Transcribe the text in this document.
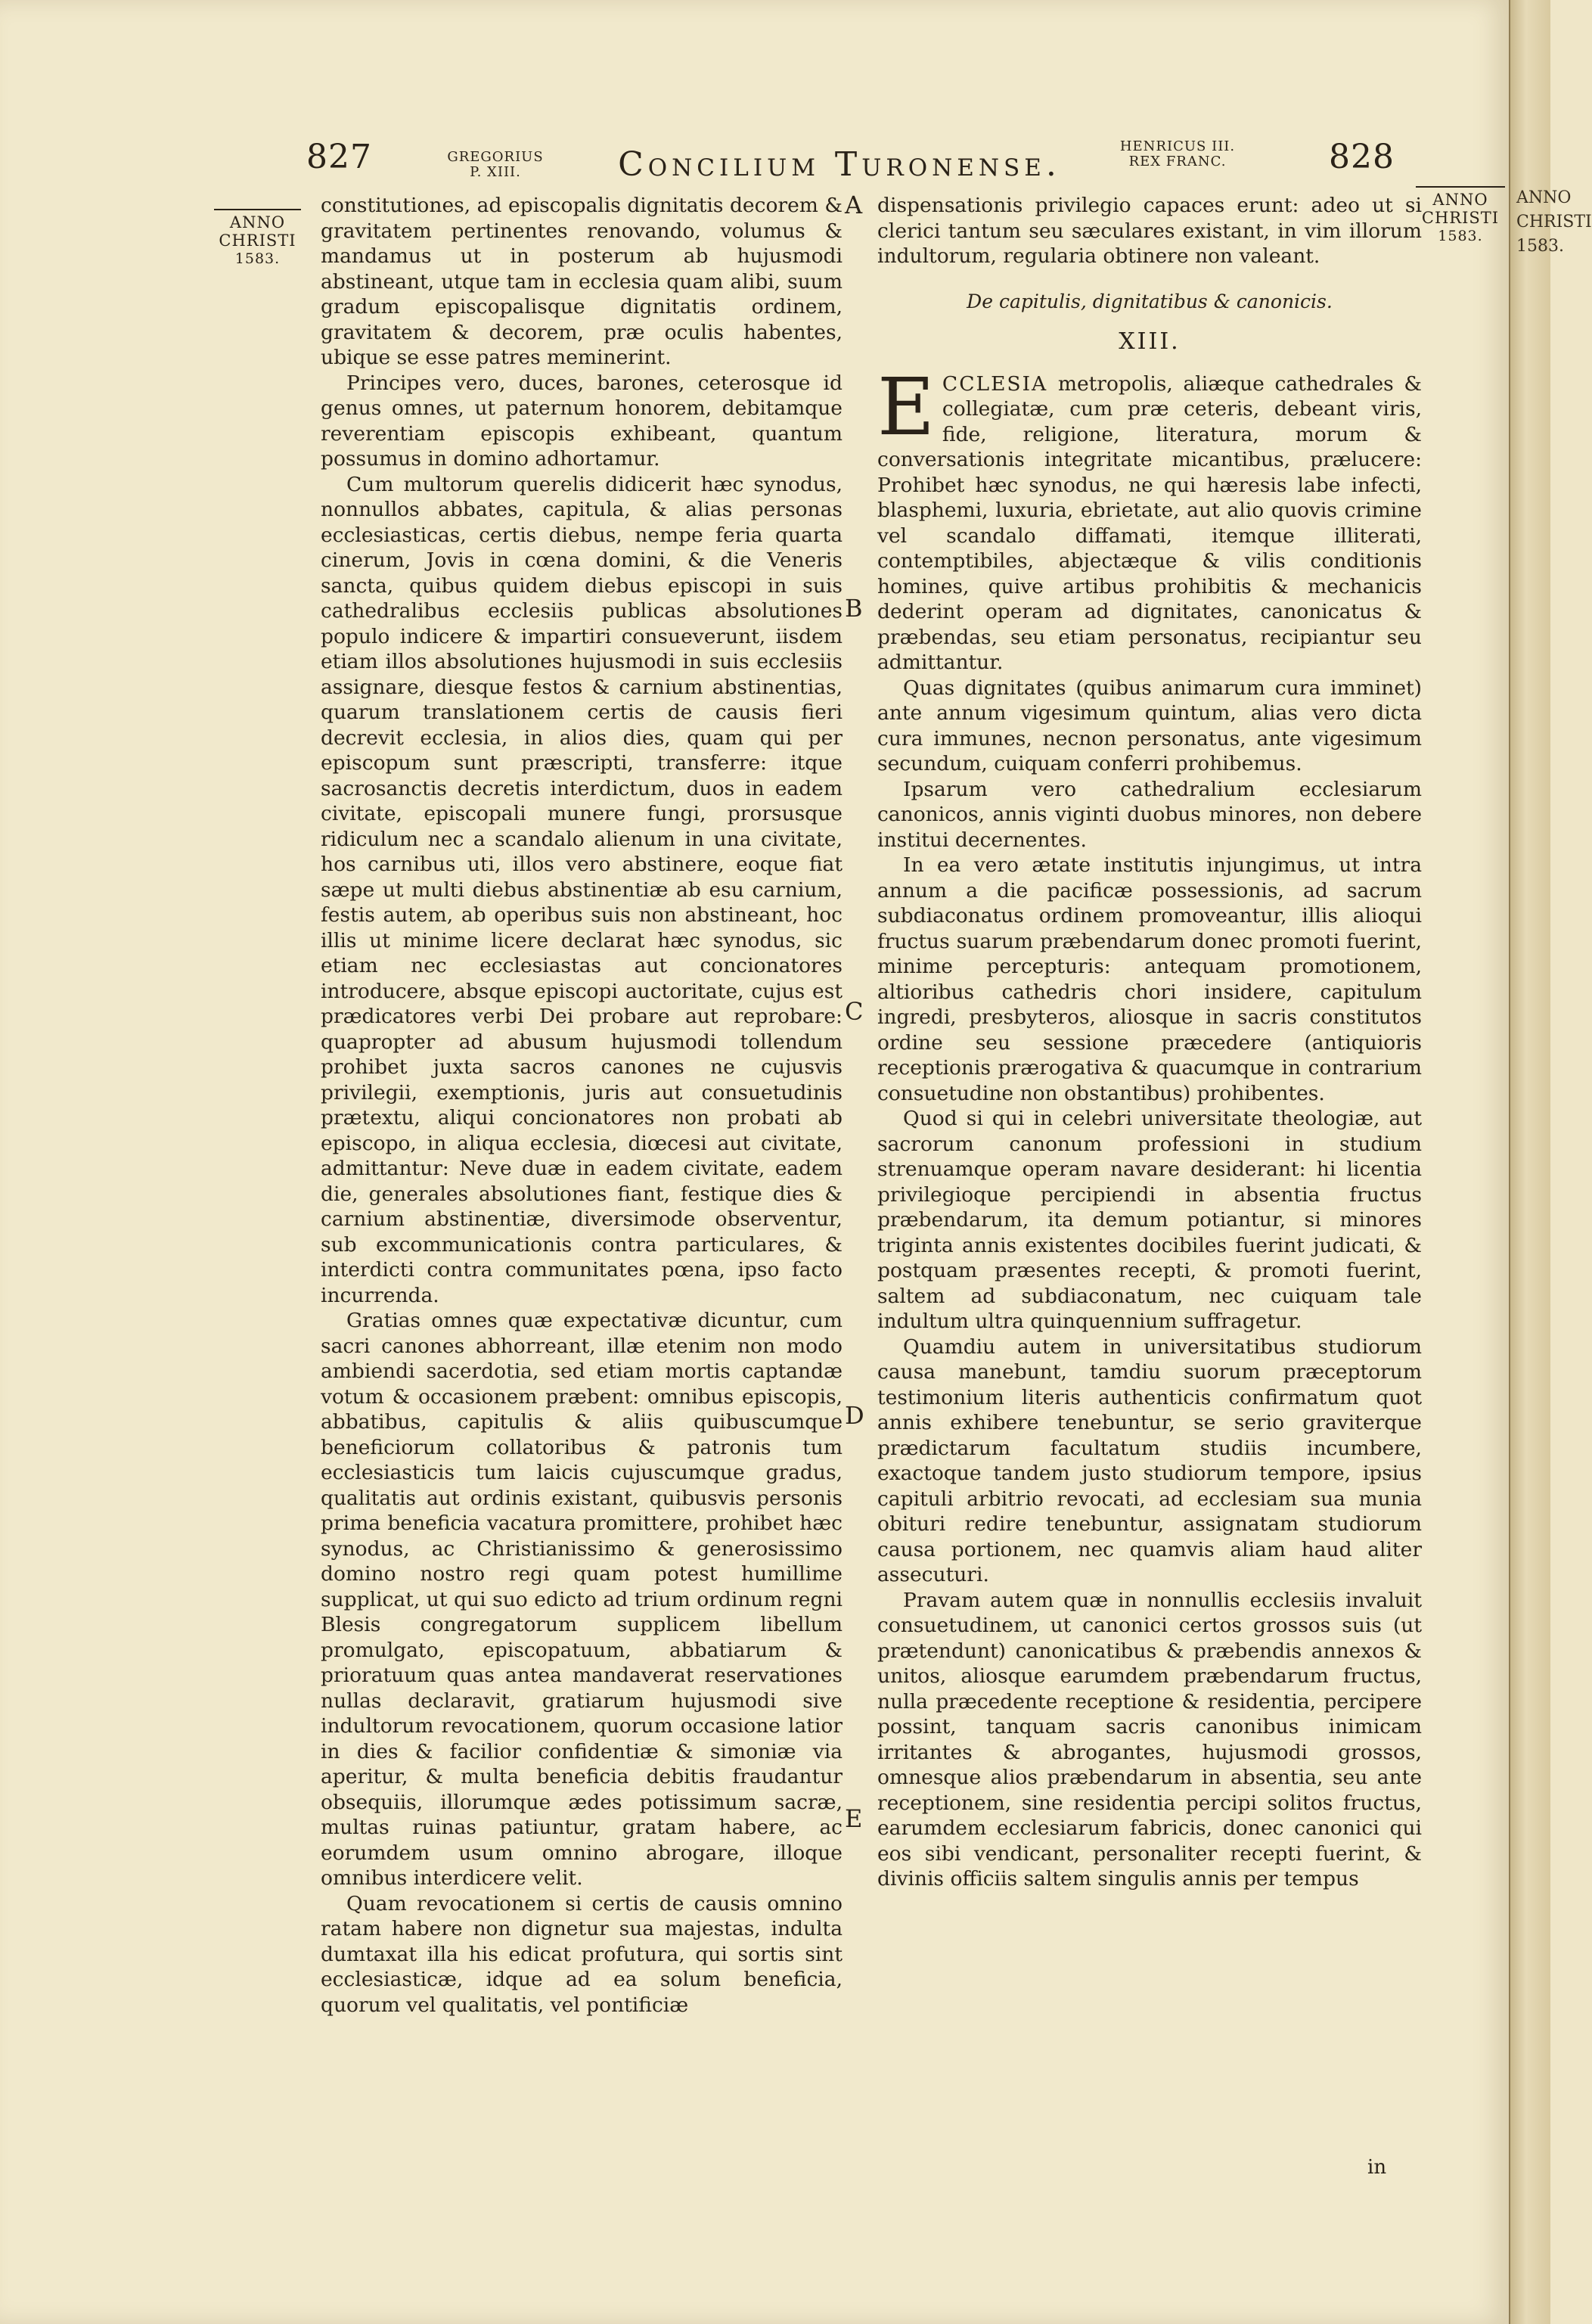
827	GREGORIUS P. XIII.	Concilium Turonense.	HENRICUS III. REX FRANC.	828
ANNO
CHRISTI
1583.
ANNO
CHRISTI
1583.
A
B
C
D
E

constitutiones, ad episcopalis dignitatis decorem & gravitatem pertinentes renovando, volumus & mandamus ut in posterum ab hujusmodi abstineant, utque tam in ecclesia quam alibi, suum gradum episcopalisque dignitatis ordinem, gravitatem & decorem, præ oculis habentes, ubique se esse patres meminerint.

Principes vero, duces, barones, ceterosque id genus omnes, ut paternum honorem, debitamque reverentiam episcopis exhibeant, quantum possumus in domino adhortamur.

Cum multorum querelis didicerit hæc synodus, nonnullos abbates, capitula, & alias personas ecclesiasticas, certis diebus, nempe feria quarta cinerum, Jovis in cœna domini, & die Veneris sancta, quibus quidem diebus episcopi in suis cathedralibus ecclesiis publicas absolutiones populo indicere & impartiri consueverunt, iisdem etiam illos absolutiones hujusmodi in suis ecclesiis assignare, diesque festos & carnium abstinentias, quarum translationem certis de causis fieri decrevit ecclesia, in alios dies, quam qui per episcopum sunt præscripti, transferre: itque sacrosanctis decretis interdictum, duos in eadem civitate, episcopali munere fungi, prorsusque ridiculum nec a scandalo alienum in una civitate, hos carnibus uti, illos vero abstinere, eoque fiat sæpe ut multi diebus abstinentiæ ab esu carnium, festis autem, ab operibus suis non abstineant, hoc illis ut minime licere declarat hæc synodus, sic etiam nec ecclesiastas aut concionatores introducere, absque episcopi auctoritate, cujus est prædicatores verbi Dei probare aut reprobare: quapropter ad abusum hujusmodi tollendum prohibet juxta sacros canones ne cujusvis privilegii, exemptionis, juris aut consuetudinis prætextu, aliqui concionatores non probati ab episcopo, in aliqua ecclesia, diœcesi aut civitate, admittantur: Neve duæ in eadem civitate, eadem die, generales absolutiones fiant, festique dies & carnium abstinentiæ, diversimode observentur, sub excommunicationis contra particulares, & interdicti contra communitates pœna, ipso facto incurrenda.

Gratias omnes quæ expectativæ dicuntur, cum sacri canones abhorreant, illæ etenim non modo ambiendi sacerdotia, sed etiam mortis captandæ votum & occasionem præbent: omnibus episcopis, abbatibus, capitulis & aliis quibuscumque beneficiorum collatoribus & patronis tum ecclesiasticis tum laicis cujuscumque gradus, qualitatis aut ordinis existant, quibusvis personis prima beneficia vacatura promittere, prohibet hæc synodus, ac Christianissimo & generosissimo domino nostro regi quam potest humillime supplicat, ut qui suo edicto ad trium ordinum regni Blesis congregatorum supplicem libellum promulgato, episcopatuum, abbatiarum & prioratuum quas antea mandaverat reservationes nullas declaravit, gratiarum hujusmodi sive indultorum revocationem, quorum occasione latior in dies & facilior confidentiæ & simoniæ via aperitur, & multa beneficia debitis fraudantur obsequiis, illorumque ædes potissimum sacræ, multas ruinas patiuntur, gratam habere, ac eorumdem usum omnino abrogare, illoque omnibus interdicere velit.

Quam revocationem si certis de causis omnino ratam habere non dignetur sua majestas, indulta dumtaxat illa his edicat profutura, qui sortis sint ecclesiasticæ, idque ad ea solum beneficia, quorum vel qualitatis, vel pontificiæ

dispensationis privilegio capaces erunt: adeo ut si clerici tantum seu sæculares existant, in vim illorum indultorum, regularia obtinere non valeant.

De capitulis, dignitatibus & canonicis.
XIII.

ECCLESIA metropolis, aliæque cathedrales & collegiatæ, cum præ ceteris, debeant viris, fide, religione, literatura, morum & conversationis integritate micantibus, prælucere: Prohibet hæc synodus, ne qui hæresis labe infecti, blasphemi, luxuria, ebrietate, aut alio quovis crimine vel scandalo diffamati, itemque illiterati, contemptibiles, abjectæque & vilis conditionis homines, quive artibus prohibitis & mechanicis dederint operam ad dignitates, canonicatus & præbendas, seu etiam personatus, recipiantur seu admittantur.

Quas dignitates (quibus animarum cura imminet) ante annum vigesimum quintum, alias vero dicta cura immunes, necnon personatus, ante vigesimum secundum, cuiquam conferri prohibemus.

Ipsarum vero cathedralium ecclesiarum canonicos, annis viginti duobus minores, non debere institui decernentes.

In ea vero ætate institutis injungimus, ut intra annum a die pacificæ possessionis, ad sacrum subdiaconatus ordinem promoveantur, illis alioqui fructus suarum præbendarum donec promoti fuerint, minime percepturis: antequam promotionem, altioribus cathedris chori insidere, capitulum ingredi, presbyteros, aliosque in sacris constitutos ordine seu sessione præcedere (antiquioris receptionis prærogativa & quacumque in contrarium consuetudine non obstantibus) prohibentes.

Quod si qui in celebri universitate theologiæ, aut sacrorum canonum professioni in studium strenuamque operam navare desiderant: hi licentia privilegioque percipiendi in absentia fructus præbendarum, ita demum potiantur, si minores triginta annis existentes docibiles fuerint judicati, & postquam præsentes recepti, & promoti fuerint, saltem ad subdiaconatum, nec cuiquam tale indultum ultra quinquennium suffragetur.

Quamdiu autem in universitatibus studiorum causa manebunt, tamdiu suorum præceptorum testimonium literis authenticis confirmatum quot annis exhibere tenebuntur, se serio graviterque prædictarum facultatum studiis incumbere, exactoque tandem justo studiorum tempore, ipsius capituli arbitrio revocati, ad ecclesiam sua munia obituri redire tenebuntur, assignatam studiorum causa portionem, nec quamvis aliam haud aliter assecuturi.

Pravam autem quæ in nonnullis ecclesiis invaluit consuetudinem, ut canonici certos grossos suis (ut prætendunt) canonicatibus & præbendis annexos & unitos, aliosque earumdem præbendarum fructus, nulla præcedente receptione & residentia, percipere possint, tanquam sacris canonibus inimicam irritantes & abrogantes, hujusmodi grossos, omnesque alios præbendarum in absentia, seu ante receptionem, sine residentia percipi solitos fructus, earumdem ecclesiarum fabricis, donec canonici qui eos sibi vendicant, personaliter recepti fuerint, & divinis officiis saltem singulis annis per tempus

in
ANNO
CHRISTI
1583.
